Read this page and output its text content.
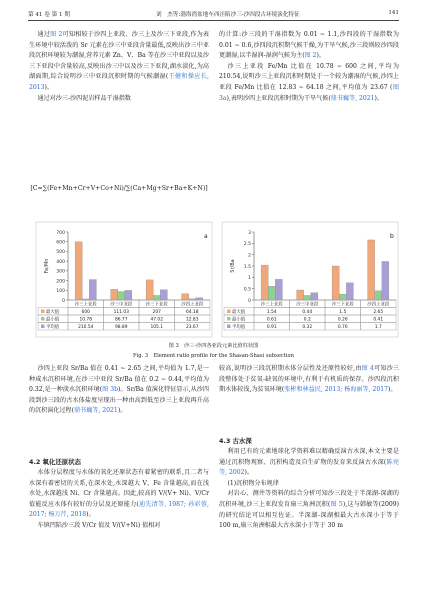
第 41 卷 第 1 期	刘　杰等:渤海湾盆地车西洼陷沙三-沙四段古环境演化特征	141

通过图 2可知相较于沙四上亚段、沙三上及沙三下亚段,作为表生环境中较活泼的 Sr 元素在沙三中亚段含量最低,反映出沙三中亚段沉积环境较为潮湿,营养元素 Zn、V、Ba 等在沙三中亚段以及沙三下亚段中含量较高,反映出沙三中以及沙三下亚段,湖水淡化,为高湖面期,综合说明沙三中亚段沉积时期的气候潮湿(王健和操应长, 2013)。

通过对沙三-沙四泥岩样品干湿指数

[C=∑(Fe+Mn+Cr+V+Co+Ni)/∑(Ca+Mg+Sr+Ba+K+N)]

的计算:沙三段的干湿指数为 0.01 ~ 1.1,沙四段的干湿指数为 0.01 ~ 0.6,沙四段沉积期气候干燥,为干旱气候,沙三段则较沙四段更潮湿,以半湿润-湿润气候为主(图 2)。

沙三上亚段 Fe/Mn 比值在 10.78 ~ 600 之间,平均为 210.54,说明沙三上亚段沉积时期处于一个较为潮湿的气候,沙四上亚段 Fe/Mn 比值在 12.83 ~ 64.18 之间,平均值为 23.67 (图 3a),表明沙四上亚段沉积时期为干旱气候(鼎书巍等, 2021)。

0
100
200
300
400
500
600
700
Fe/Mn
a
沙三上亚段	沙三中亚段	沙三下亚段	沙四上亚段
最大值	600	111.03	207	64.18
最小值	10.78	86.77	47.02	12.83
平均值	210.54	98.89	105.1	23.67
0
0.5
1
1.5
2
2.5
3
Sr/Ba
b
沙三上亚段	沙三中亚段	沙三下亚段	沙四上亚段
最大值	1.54	0.44	1.5	2.65
最小值	0.61	0.2	0.26	0.41
平均值	0.91	0.32	0.76	1.7
图 3　沙三-沙四各亚段元素比值柱状图
Fig. 3　Element ratio profile for the Shasan-Shasi subsection

沙四上亚段 Sr/Ba 值在 0.41 ~ 2.65 之间,平均值为 1.7,是一种咸水沉积环境,在沙三中亚段 Sr/Ba 值在 0.2 ~ 0.44,平均值为 0.32,是一种淡水沉积环境(图 3b)。Sr/Ba 值演化特征显示,从沙四段到沙三段的古水体盐度呈现出一种由高到低至沙三上亚段再升高的沉积演化过程(鼎书巍等, 2021)。

4.2 氧化还原状态

水体分层程度与水体的氧化还原状态有着紧密的联系,且二者与水深有着密切的关系,在深水处,水深越大 V、Fe 含量越高,而在浅水处,水深越浅 Ni、Cr 含量越高。因此,较高的 V/(V+ Ni)、V/Cr 值能反应水体有较好的分层及还原能力(迪先清等, 1987; 孙彩蓉, 2017; 杨万芹, 2018)。

车镇凹陷沙三段 V/Cr 值及 V/(V+Ni) 值相对

较高,说明沙三段沉积期水体分层性及还原性较好,由图 4可知沙三段整体处于贫氧-缺氧的环境中,有利于有机质的保存。沙四段沉积期水体较浅,为贫氧环境(张彬和林益民, 2013; 杨海丽等, 2017)。

4.3 古水深

利用已有的元素地球化学资料难以精确反演古水深,本文主要是通过沉积物观察、沉积构造及自生矿物的发育来反演古水深(陈亮等, 2002)。

(1)沉积物分布规律

对岩心、测井等资料的综合分析可知沙三段处于半深湖-深湖的沉积环境,沙三上亚段发育扇三角洲沉积(图 5),这与韩敏等(2009)的研究结论可以相互佐证。半深湖-深湖相最大古水深小于等于 100 m,扇三角洲相最大古水深小于等于 30 m
